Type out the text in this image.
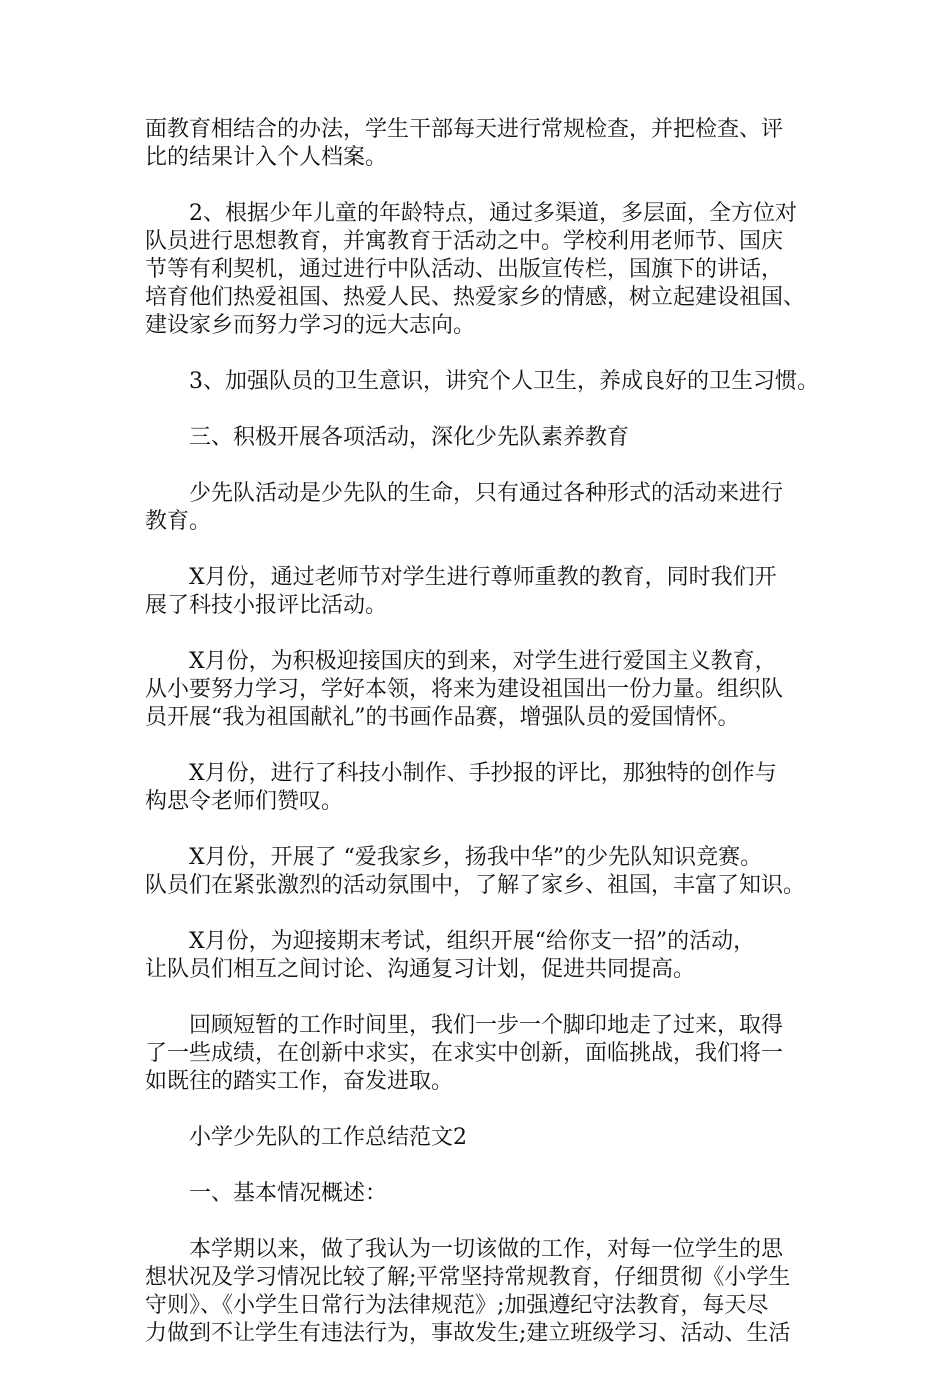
面教育相结合的办法，学生干部每天进行常规检查，并把检查、评
比的结果计入个人档案。

2、根据少年儿童的年龄特点，通过多渠道，多层面，全方位对
队员进行思想教育，并寓教育于活动之中。学校利用老师节、国庆
节等有利契机，通过进行中队活动、出版宣传栏，国旗下的讲话，
培育他们热爱祖国、热爱人民、热爱家乡的情感，树立起建设祖国、
建设家乡而努力学习的远大志向。

3、加强队员的卫生意识，讲究个人卫生，养成良好的卫生习惯。

三、积极开展各项活动，深化少先队素养教育

少先队活动是少先队的生命，只有通过各种形式的活动来进行
教育。

X月份，通过老师节对学生进行尊师重教的教育，同时我们开
展了科技小报评比活动。

X月份，为积极迎接国庆的到来，对学生进行爱国主义教育，
从小要努力学习，学好本领，将来为建设祖国出一份力量。组织队
员开展“我为祖国献礼”的书画作品赛，增强队员的爱国情怀。

X月份，进行了科技小制作、手抄报的评比，那独特的创作与
构思令老师们赞叹。

X月份，开展了 “爱我家乡，扬我中华”的少先队知识竞赛。
队员们在紧张激烈的活动氛围中，了解了家乡、祖国，丰富了知识。

X月份，为迎接期末考试，组织开展“给你支一招”的活动，
让队员们相互之间讨论、沟通复习计划，促进共同提高。

回顾短暂的工作时间里，我们一步一个脚印地走了过来，取得
了一些成绩，在创新中求实，在求实中创新，面临挑战，我们将一
如既往的踏实工作，奋发进取。

小学少先队的工作总结范文2

一、基本情况概述：

本学期以来，做了我认为一切该做的工作，对每一位学生的思
想状况及学习情况比较了解;平常坚持常规教育，仔细贯彻《小学生
守则》、《小学生日常行为法律规范》;加强遵纪守法教育，每天尽
力做到不让学生有违法行为，事故发生;建立班级学习、活动、生活
